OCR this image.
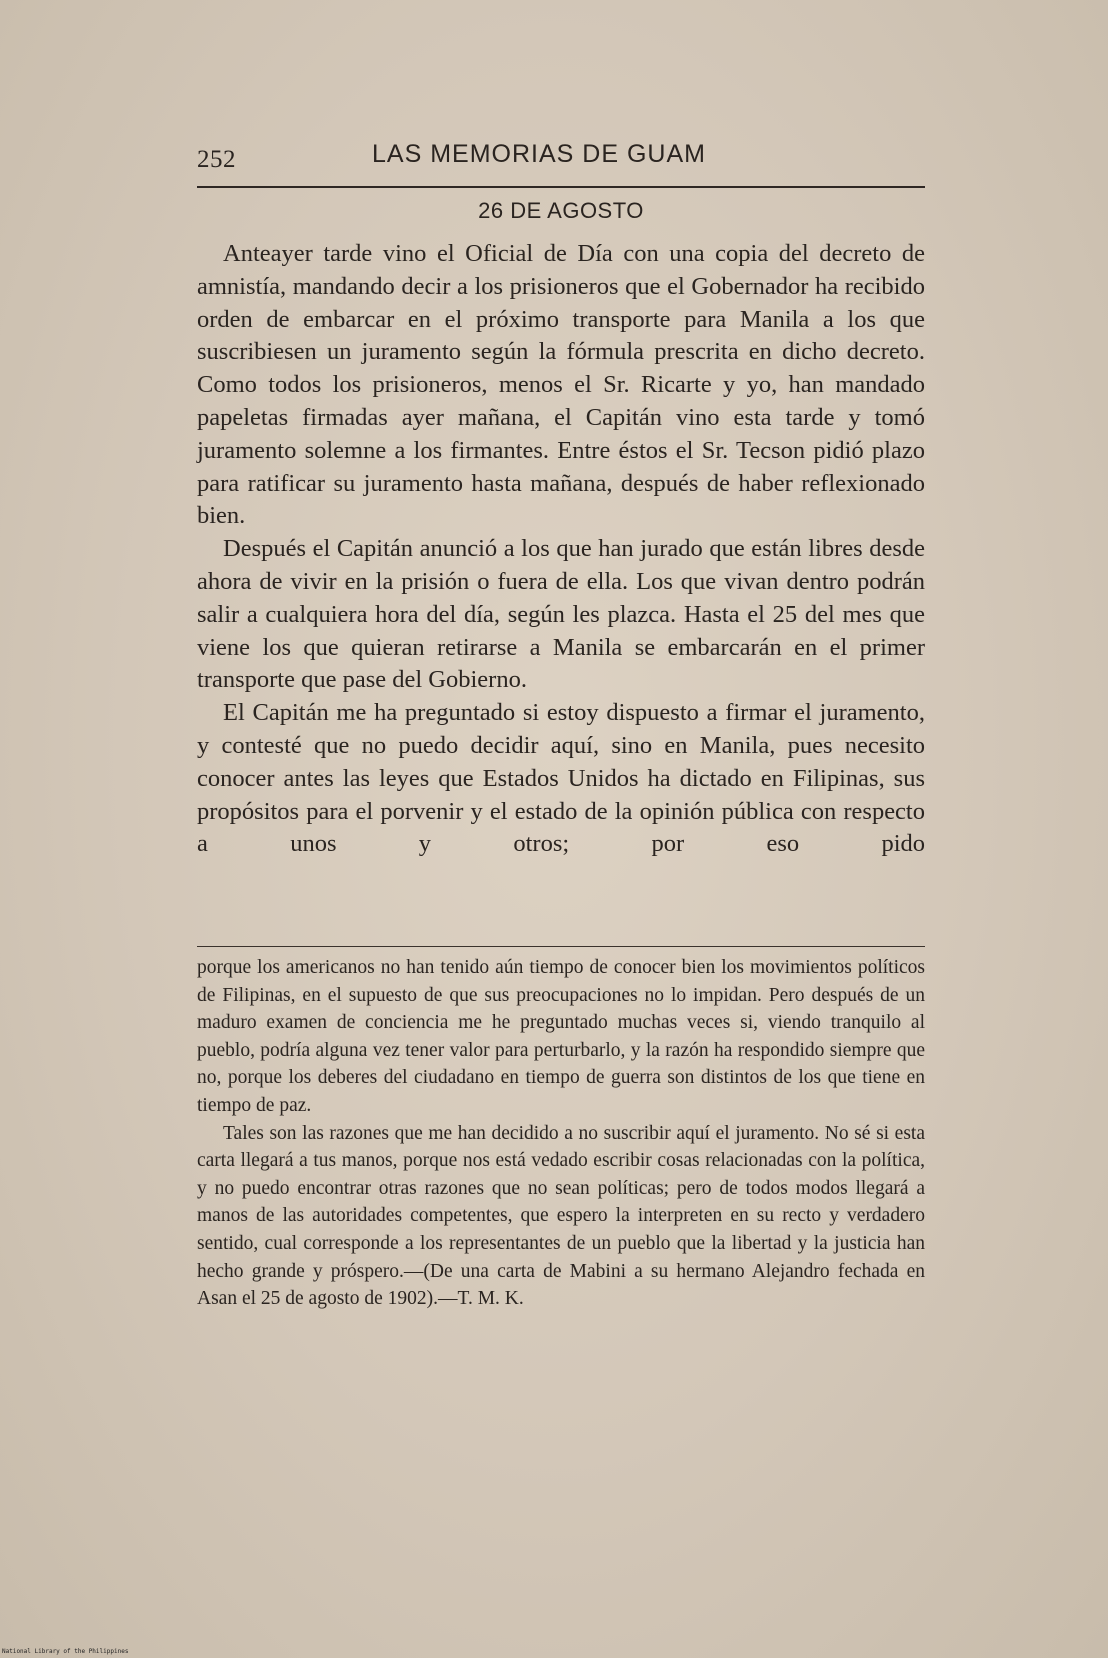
252	LAS MEMORIAS DE GUAM
26 DE AGOSTO

Anteayer tarde vino el Oficial de Día con una copia del decreto de amnistía, mandando decir a los prisioneros que el Gobernador ha recibido orden de embarcar en el próximo transporte para Manila a los que suscribiesen un juramento según la fórmula prescrita en dicho decreto. Como todos los prisioneros, menos el Sr. Ricarte y yo, han mandado papeletas firmadas ayer mañana, el Capitán vino esta tarde y tomó juramento solemne a los firmantes. Entre éstos el Sr. Tecson pidió plazo para ratificar su juramento hasta mañana, después de haber reflexionado bien.

Después el Capitán anunció a los que han jurado que están libres desde ahora de vivir en la prisión o fuera de ella. Los que vivan dentro podrán salir a cualquiera hora del día, según les plazca. Hasta el 25 del mes que viene los que quieran retirarse a Manila se embarcarán en el primer transporte que pase del Gobierno.

El Capitán me ha preguntado si estoy dispuesto a firmar el juramento, y contesté que no puedo decidir aquí, sino en Manila, pues necesito conocer antes las leyes que Estados Unidos ha dictado en Filipinas, sus propósitos para el porvenir y el estado de la opinión pública con respecto a unos y otros; por eso pido

porque los americanos no han tenido aún tiempo de conocer bien los movimientos políticos de Filipinas, en el supuesto de que sus preocupaciones no lo impidan. Pero después de un maduro examen de conciencia me he preguntado muchas veces si, viendo tranquilo al pueblo, podría alguna vez tener valor para perturbarlo, y la razón ha respondido siempre que no, porque los deberes del ciudadano en tiempo de guerra son distintos de los que tiene en tiempo de paz.

Tales son las razones que me han decidido a no suscribir aquí el juramento. No sé si esta carta llegará a tus manos, porque nos está vedado escribir cosas relacionadas con la política, y no puedo encontrar otras razones que no sean políticas; pero de todos modos llegará a manos de las autoridades competentes, que espero la interpreten en su recto y verdadero sentido, cual corresponde a los representantes de un pueblo que la libertad y la justicia han hecho grande y próspero.—(De una carta de Mabini a su hermano Alejandro fechada en Asan el 25 de agosto de 1902).—T. M. K.

National Library of the Philippines
